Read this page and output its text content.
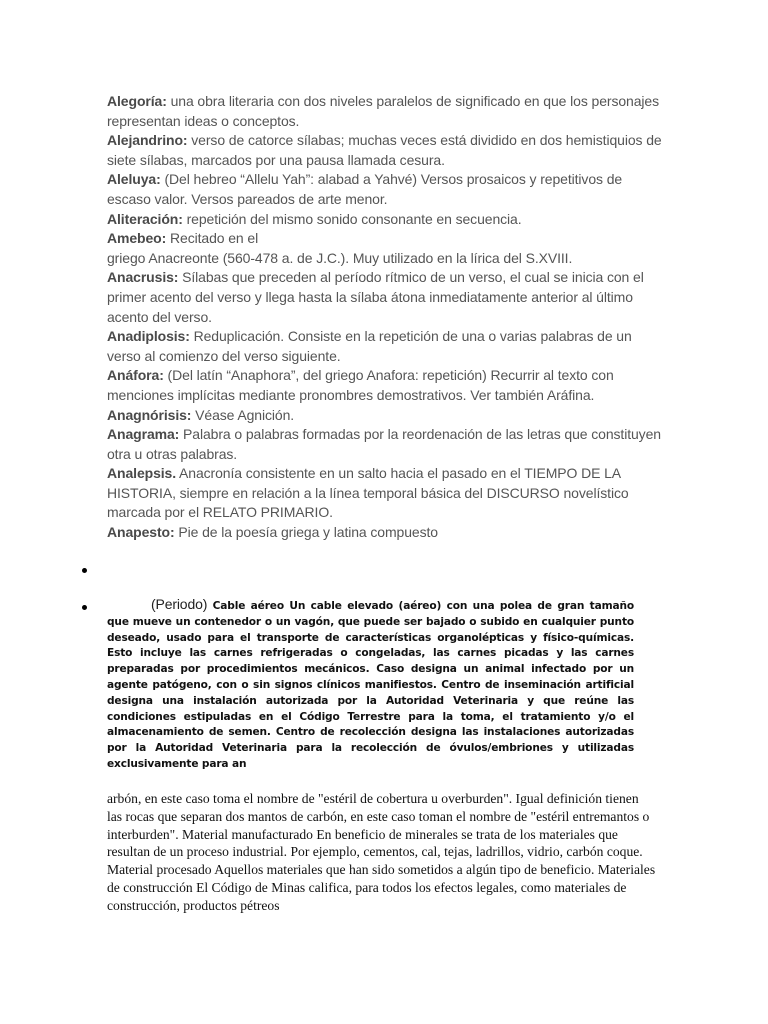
Alegoría: una obra literaria con dos niveles paralelos de significado en que los personajes representan ideas o conceptos.

Alejandrino: verso de catorce sílabas; muchas veces está dividido en dos hemistiquios de siete sílabas, marcados por una pausa llamada cesura.

Aleluya: (Del hebreo “Allelu Yah”: alabad a Yahvé) Versos prosaicos y repetitivos de escaso valor. Versos pareados de arte menor.

Aliteración: repetición del mismo sonido consonante en secuencia.

Amebeo: Recitado en el

griego Anacreonte (560-478 a. de J.C.). Muy utilizado en la lírica del S.XVIII.

Anacrusis: Sílabas que preceden al período rítmico de un verso, el cual se inicia con el primer acento del verso y llega hasta la sílaba átona inmediatamente anterior al último acento del verso.

Anadiplosis: Reduplicación. Consiste en la repetición de una o varias palabras de un verso al comienzo del verso siguiente.

Anáfora: (Del latín “Anaphora”, del griego Anafora: repetición) Recurrir al texto con menciones implícitas mediante pronombres demostrativos. Ver también Aráfina.

Anagnórisis: Véase Agnición.

Anagrama: Palabra o palabras formadas por la reordenación de las letras que constituyen otra u otras palabras.

Analepsis. Anacronía consistente en un salto hacia el pasado en el TIEMPO DE LA HISTORIA, siempre en relación a la línea temporal básica del DISCURSO novelístico marcada por el RELATO PRIMARIO.

Anapesto: Pie de la poesía griega y latina compuesto

(Periodo) Cable aéreo Un cable elevado (aéreo) con una polea de gran tamaño que mueve un contenedor o un vagón, que puede ser bajado o subido en cualquier punto deseado, usado para el transporte de características organolépticas y físico-químicas. Esto incluye las carnes refrigeradas o congeladas, las carnes picadas y las carnes preparadas por procedimientos mecánicos. Caso designa un animal infectado por un agente patógeno, con o sin signos clínicos manifiestos. Centro de inseminación artificial designa una instalación autorizada por la Autoridad Veterinaria y que reúne las condiciones estipuladas en el Código Terrestre para la toma, el tratamiento y/o el almacenamiento de semen. Centro de recolección designa las instalaciones autorizadas por la Autoridad Veterinaria para la recolección de óvulos/embriones y utilizadas exclusivamente para an

arbón, en este caso toma el nombre de "estéril de cobertura u overburden". Igual definición tienen las rocas que separan dos mantos de carbón, en este caso toman el nombre de "estéril entremantos o interburden". Material manufacturado En beneficio de minerales se trata de los materiales que resultan de un proceso industrial. Por ejemplo, cementos, cal, tejas, ladrillos, vidrio, carbón coque. Material procesado Aquellos materiales que han sido sometidos a algún tipo de beneficio. Materiales de construcción El Código de Minas califica, para todos los efectos legales, como materiales de construcción, productos pétreos
